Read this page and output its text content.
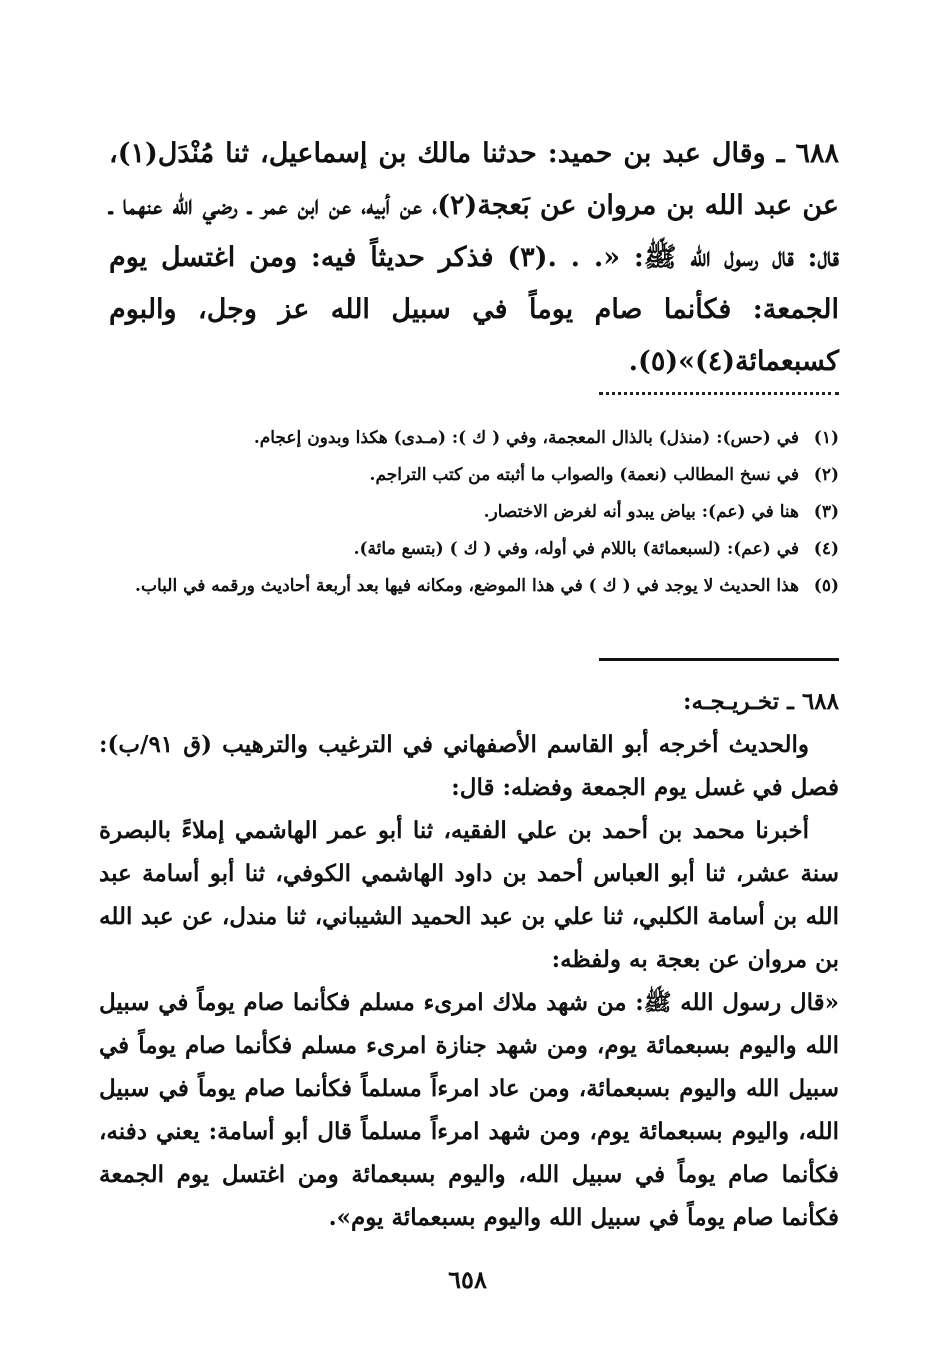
٦٨٨ ـ وقال عبد بن حميد: حدثنا مالك بن إسماعيل، ثنا مُنْدَل(١)، عن عبد الله بن مروان عن بَعجة(٢)، عن أبيه، عن ابن عمر ـ رضي الله عنهما ـ قال: قال رسول الله ﷺ: «. . .(٣) فذكر حديثاً فيه: ومن اغتسل يوم الجمعة: فكأنما صام يوماً في سبيل الله عز وجل، والبوم كسبعمائة(٤)»(٥).
(١)
في (حس): (منذل) بالذال المعجمة، وفي ( ك ): (مـدى) هكذا وبدون إعجام.
(٢)
في نسخ المطالب (نعمة) والصواب ما أثبته من كتب التراجم.
(٣)
هنا في (عم): بياض يبدو أنه لغرض الاختصار.
(٤)
في (عم): (لسبعمائة) باللام في أوله، وفي ( ك ) (بتسع مائة).
(٥)
هذا الحديث لا يوجد في ( ك ) في هذا الموضع، ومكانه فيها بعد أربعة أحاديث ورقمه في الباب.

٦٨٨ ـ تخـريـجـه:

والحديث أخرجه أبو القاسم الأصفهاني في الترغيب والترهيب (ق ٩١/ب): فصل في غسل يوم الجمعة وفضله: قال:

أخبرنا محمد بن أحمد بن علي الفقيه، ثنا أبو عمر الهاشمي إملاءً بالبصرة سنة عشر، ثنا أبو العباس أحمد بن داود الهاشمي الكوفي، ثنا أبو أسامة عبد الله بن أسامة الكلبي، ثنا علي بن عبد الحميد الشيباني، ثنا مندل، عن عبد الله بن مروان عن بعجة به ولفظه:

«قال رسول الله ﷺ: من شهد ملاك امرىء مسلم فكأنما صام يوماً في سبيل الله واليوم بسبعمائة يوم، ومن شهد جنازة امرىء مسلم فكأنما صام يوماً في سبيل الله واليوم بسبعمائة، ومن عاد امرءاً مسلماً فكأنما صام يوماً في سبيل الله، واليوم بسبعمائة يوم، ومن شهد امرءاً مسلماً قال أبو أسامة: يعني دفنه، فكأنما صام يوماً في سبيل الله، واليوم بسبعمائة ومن اغتسل يوم الجمعة فكأنما صام يوماً في سبيل الله واليوم بسبعمائة يوم».

٦٥٨
